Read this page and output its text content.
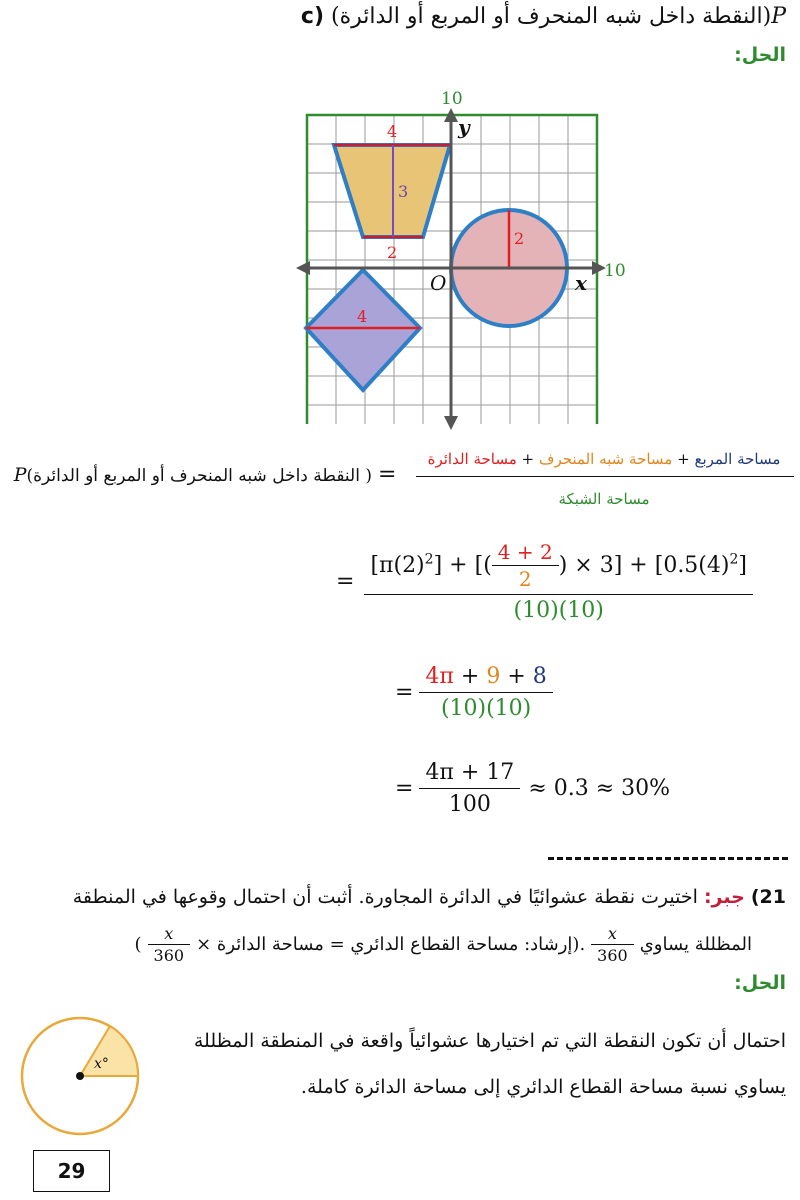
c) (النقطة داخل شبه المنحرف أو المربع أو الدائرة)P
الحل:
10
10
y
x
O
4
3
2
2
4
مساحة المربع + مساحة شبه المنحرف + مساحة الدائرة
مساحة الشبكة
=
( النقطة داخل شبه المنحرف أو المربع أو الدائرة)P
= $\frac{[\pi(2)^2] + [( \frac{4 + 2}{2} ) \times 3] + [0.5(4)^2]}{(10)(10)}$
= $\frac{4\pi + 9 + 8}{(10)(10)}$
= $\frac{4\pi + 17}{100} \approx 0.3 \approx 30\%$
21) جبر: اختيرت نقطة عشوائيًا في الدائرة المجاورة. أثبت أن احتمال وقوعها في المنطقة
المظللة يساوي
$\frac{x}{360}$
.(إرشاد: مساحة القطاع الدائري = مساحة الدائرة ×
$\frac{x}{360}$
)
الحل:
x°
احتمال أن تكون النقطة التي تم اختيارها عشوائياً واقعة في المنطقة المظللة
يساوي نسبة مساحة القطاع الدائري إلى مساحة الدائرة كاملة.
29
